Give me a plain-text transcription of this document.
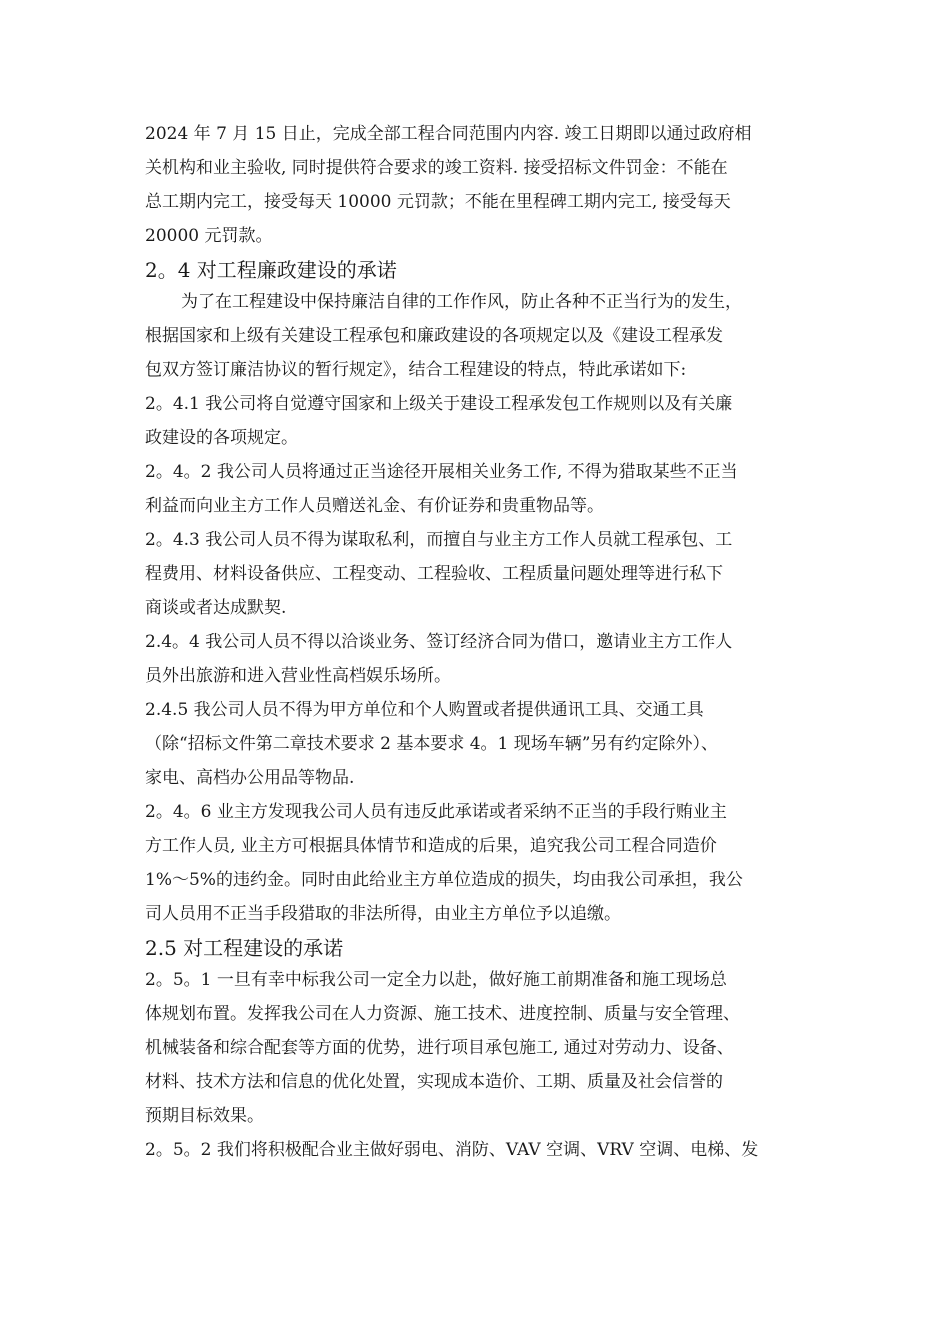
2024 年 7 月 15 日止，完成全部工程合同范围内内容. 竣工日期即以通过政府相
关机构和业主验收, 同时提供符合要求的竣工资料. 接受招标文件罚金：不能在
总工期内完工，接受每天 10000 元罚款；不能在里程碑工期内完工, 接受每天
20000 元罚款。
2。4 对工程廉政建设的承诺
为了在工程建设中保持廉洁自律的工作作风，防止各种不正当行为的发生，
根据国家和上级有关建设工程承包和廉政建设的各项规定以及《建设工程承发
包双方签订廉洁协议的暂行规定》，结合工程建设的特点，特此承诺如下:
2。4.1 我公司将自觉遵守国家和上级关于建设工程承发包工作规则以及有关廉
政建设的各项规定。
2。4。2 我公司人员将通过正当途径开展相关业务工作, 不得为猎取某些不正当
利益而向业主方工作人员赠送礼金、有价证券和贵重物品等。
2。4.3 我公司人员不得为谋取私利，而擅自与业主方工作人员就工程承包、工
程费用、材料设备供应、工程变动、工程验收、工程质量问题处理等进行私下
商谈或者达成默契.
2.4。4 我公司人员不得以洽谈业务、签订经济合同为借口，邀请业主方工作人
员外出旅游和进入营业性高档娱乐场所。
2.4.5 我公司人员不得为甲方单位和个人购置或者提供通讯工具、交通工具
（除“招标文件第二章技术要求 2 基本要求 4。1 现场车辆”另有约定除外）、
家电、高档办公用品等物品.
2。4。6 业主方发现我公司人员有违反此承诺或者采纳不正当的手段行贿业主
方工作人员, 业主方可根据具体情节和造成的后果，追究我公司工程合同造价
1%～5%的违约金。同时由此给业主方单位造成的损失，均由我公司承担，我公
司人员用不正当手段猎取的非法所得，由业主方单位予以追缴。
2.5 对工程建设的承诺
2。5。1 一旦有幸中标我公司一定全力以赴，做好施工前期准备和施工现场总
体规划布置。发挥我公司在人力资源、施工技术、进度控制、质量与安全管理、
机械装备和综合配套等方面的优势，进行项目承包施工, 通过对劳动力、设备、
材料、技术方法和信息的优化处置，实现成本造价、工期、质量及社会信誉的
预期目标效果。
2。5。2 我们将积极配合业主做好弱电、消防、VAV 空调、VRV 空调、电梯、发
